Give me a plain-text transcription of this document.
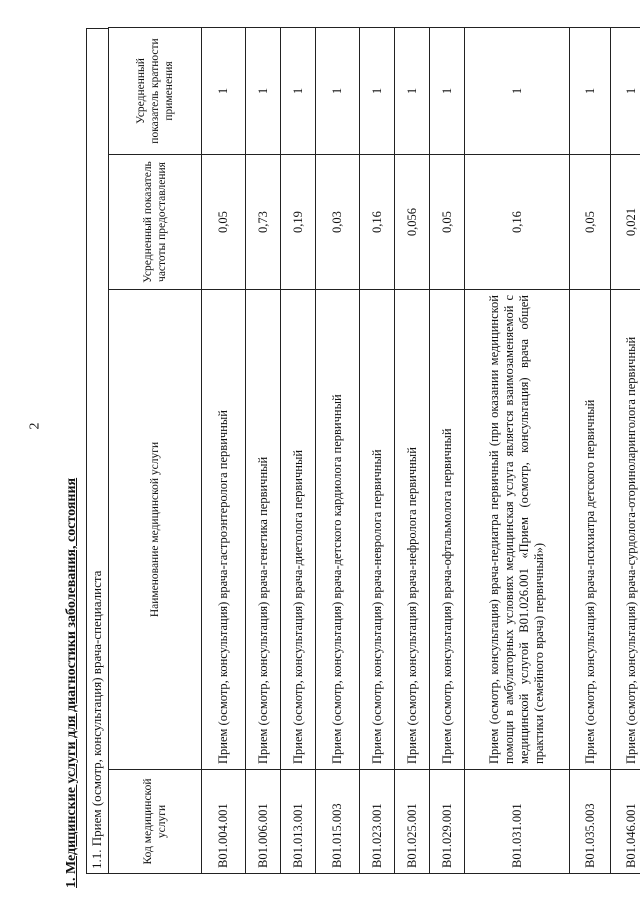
2
1. Медицинские услуги для диагностики заболевания, состояния 1.1. Прием (осмотр, консультация) врача-специалиста	Код медицинской услуги	Наименование медицинской услуги	Усредненный показатель частоты предоставления	Усредненный показатель кратности применения
B01.004.001	Прием (осмотр, консультация) врача-гастроэнтеролога первичный	0,05	1
B01.006.001	Прием (осмотр, консультация) врача-генетика первичный	0,73	1
B01.013.001	Прием (осмотр, консультация) врача-диетолога первичный	0,19	1
B01.015.003	Прием (осмотр, консультация) врача-детского кардиолога первичный	0,03	1
B01.023.001	Прием (осмотр, консультация) врача-невролога первичный	0,16	1
B01.025.001	Прием (осмотр, консультация) врача-нефролога первичный	0,056	1
B01.029.001	Прием (осмотр, консультация) врача-офтальмолога первичный	0,05	1
B01.031.001	Прием (осмотр, консультация) врача-педиатра первичный (при оказании медицинской помощи в амбулаторных условиях медицинская услуга является взаимозаменяемой с медицинской услугой B01.026.001 «Прием (осмотр, консультация) врача общей практики (семейного врача) первичный»)	0,16	1
B01.035.003	Прием (осмотр, консультация) врача-психиатра детского первичный	0,05	1
B01.046.001	Прием (осмотр, консультация) врача-сурдолога-оториноларинголога первичный	0,021	1
